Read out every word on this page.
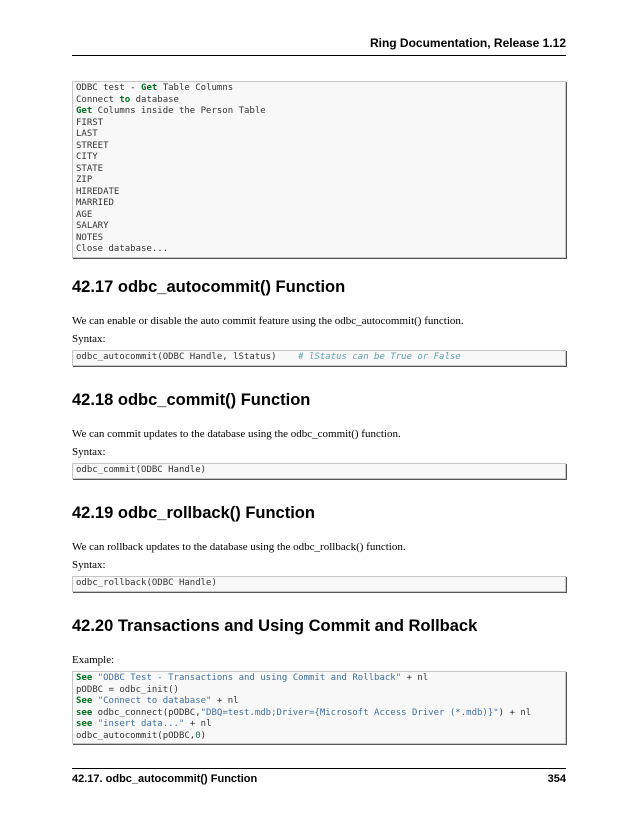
Ring Documentation, Release 1.12
ODBC test - Get Table Columns
Connect to database
Get Columns inside the Person Table
FIRST
LAST
STREET
CITY
STATE
ZIP
HIREDATE
MARRIED
AGE
SALARY
NOTES
Close database...
42.17 odbc_autocommit() Function
We can enable or disable the auto commit feature using the odbc_autocommit() function.
Syntax:
odbc_autocommit(ODBC Handle, lStatus) # lStatus can be True or False
42.18 odbc_commit() Function
We can commit updates to the database using the odbc_commit() function.
Syntax:
odbc_commit(ODBC Handle)
42.19 odbc_rollback() Function
We can rollback updates to the database using the odbc_rollback() function.
Syntax:
odbc_rollback(ODBC Handle)
42.20 Transactions and Using Commit and Rollback
Example:
See "ODBC Test - Transactions and using Commit and Rollback" + nl
pODBC = odbc_init()
See "Connect to database" + nl
see odbc_connect(pODBC,"DBQ=test.mdb;Driver={Microsoft Access Driver (*.mdb)}") + nl
see "insert data..." + nl
odbc_autocommit(pODBC,0)
42.17. odbc_autocommit() Function	354
